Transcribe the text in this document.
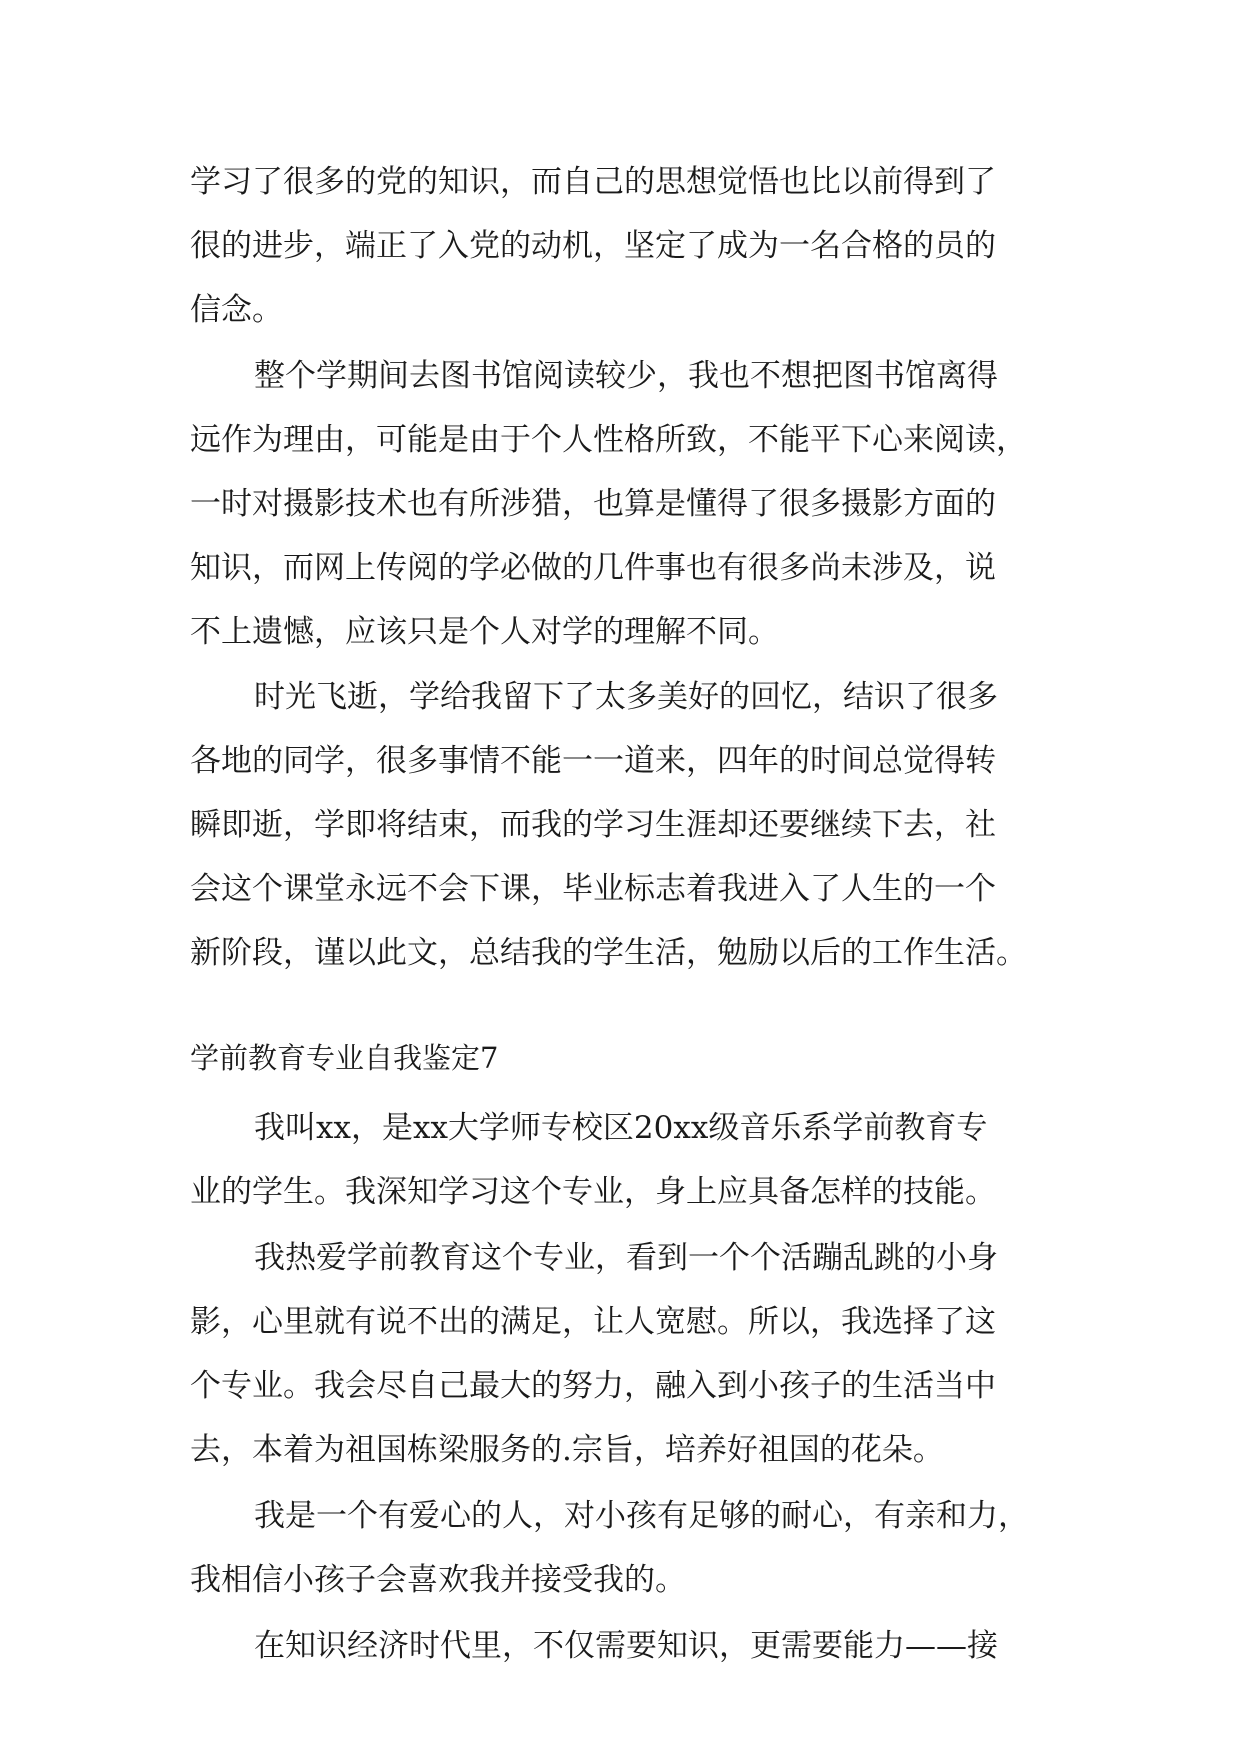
学习了很多的党的知识，而自己的思想觉悟也比以前得到了
很的进步，端正了入党的动机，坚定了成为一名合格的员的
信念。
整个学期间去图书馆阅读较少，我也不想把图书馆离得
远作为理由，可能是由于个人性格所致，不能平下心来阅读，
一时对摄影技术也有所涉猎，也算是懂得了很多摄影方面的
知识，而网上传阅的学必做的几件事也有很多尚未涉及，说
不上遗憾，应该只是个人对学的理解不同。
时光飞逝，学给我留下了太多美好的回忆，结识了很多
各地的同学，很多事情不能一一道来，四年的时间总觉得转
瞬即逝，学即将结束，而我的学习生涯却还要继续下去，社
会这个课堂永远不会下课，毕业标志着我进入了人生的一个
新阶段，谨以此文，总结我的学生活，勉励以后的工作生活。
学前教育专业自我鉴定7
我叫xx，是xx大学师专校区20xx级音乐系学前教育专
业的学生。我深知学习这个专业，身上应具备怎样的技能。
我热爱学前教育这个专业，看到一个个活蹦乱跳的小身
影，心里就有说不出的满足，让人宽慰。所以，我选择了这
个专业。我会尽自己最大的努力，融入到小孩子的生活当中
去，本着为祖国栋梁服务的.宗旨，培养好祖国的花朵。
我是一个有爱心的人，对小孩有足够的耐心，有亲和力，
我相信小孩子会喜欢我并接受我的。
在知识经济时代里，不仅需要知识，更需要能力——接
